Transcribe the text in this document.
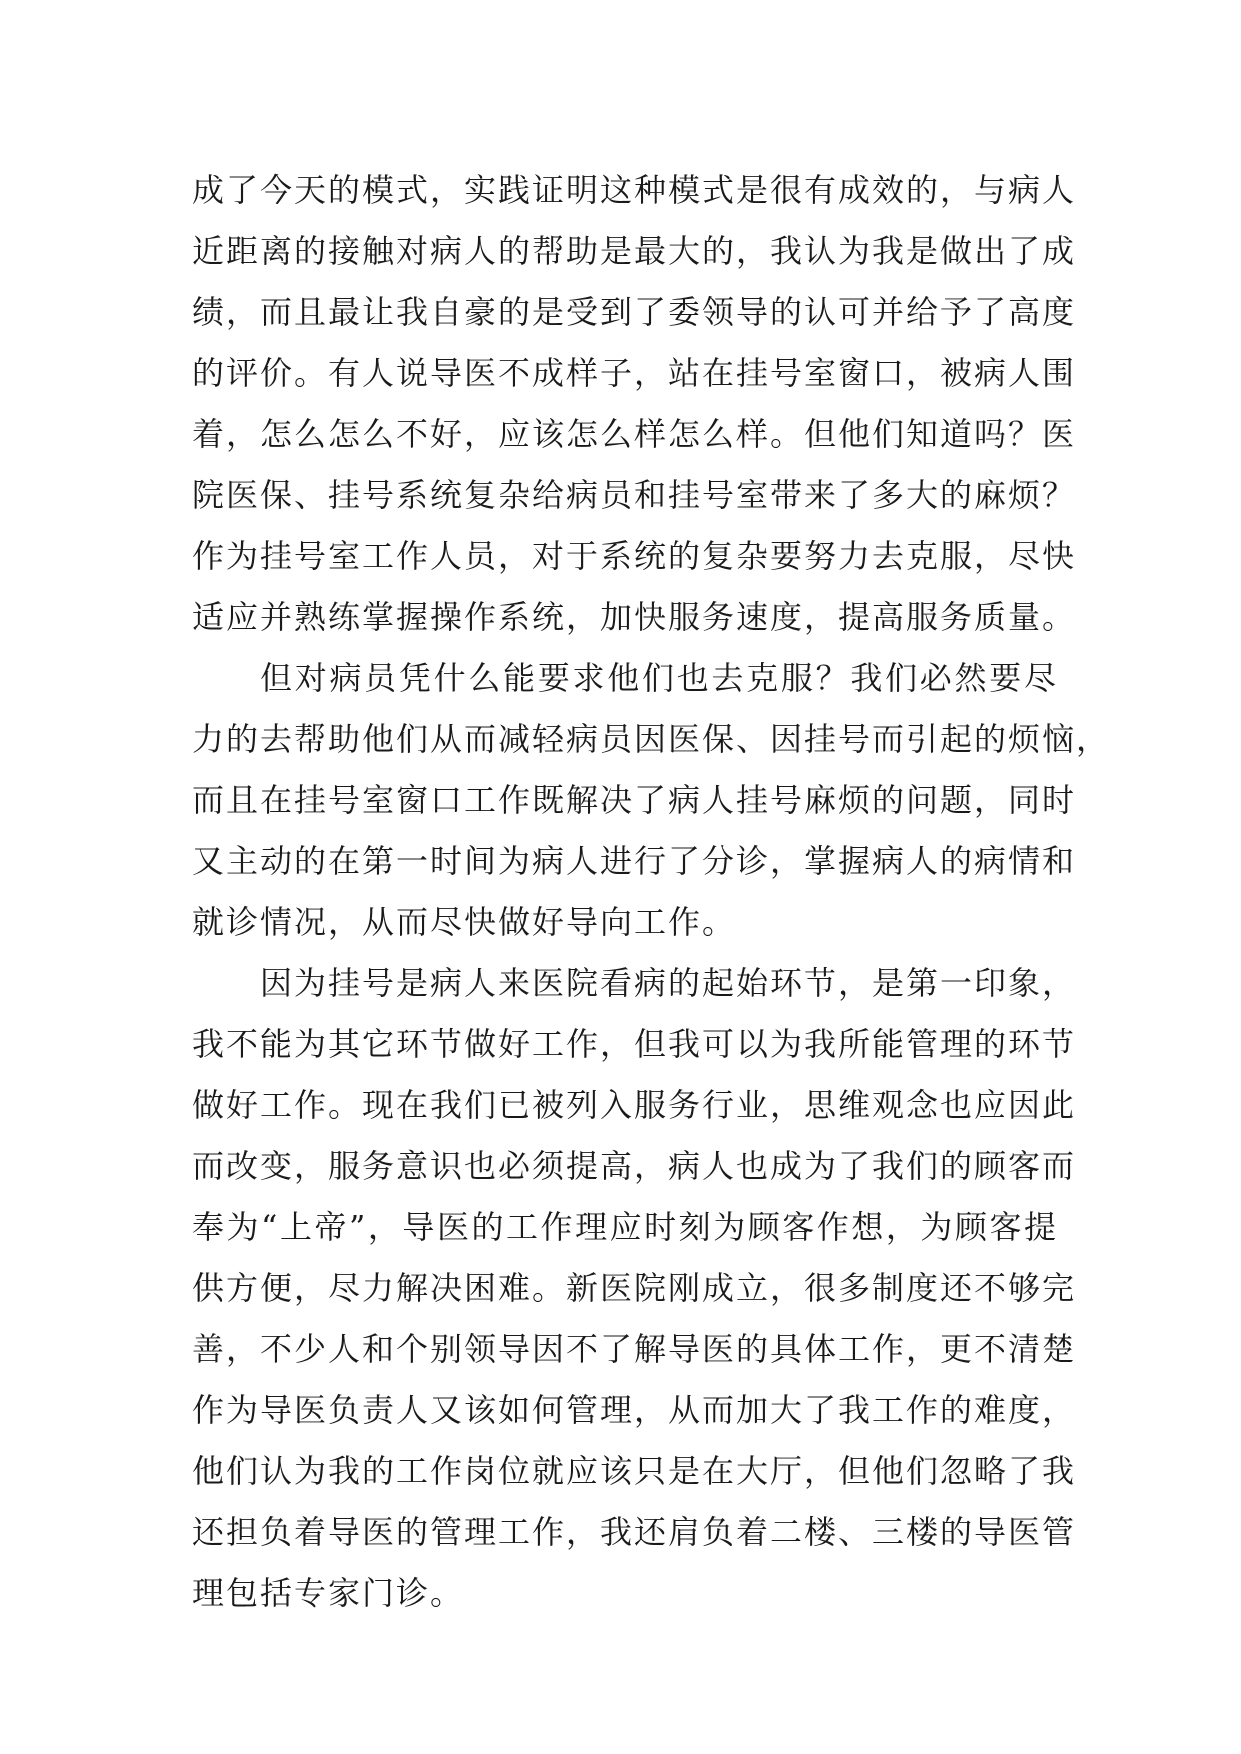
成了今天的模式，实践证明这种模式是很有成效的，与病人
近距离的接触对病人的帮助是最大的，我认为我是做出了成
绩，而且最让我自豪的是受到了委领导的认可并给予了高度
的评价。有人说导医不成样子，站在挂号室窗口，被病人围
着，怎么怎么不好，应该怎么样怎么样。但他们知道吗？医
院医保、挂号系统复杂给病员和挂号室带来了多大的麻烦？
作为挂号室工作人员，对于系统的复杂要努力去克服，尽快
适应并熟练掌握操作系统，加快服务速度，提高服务质量。
但对病员凭什么能要求他们也去克服？我们必然要尽
力的去帮助他们从而减轻病员因医保、因挂号而引起的烦恼，
而且在挂号室窗口工作既解决了病人挂号麻烦的问题，同时
又主动的在第一时间为病人进行了分诊，掌握病人的病情和
就诊情况，从而尽快做好导向工作。
因为挂号是病人来医院看病的起始环节，是第一印象，
我不能为其它环节做好工作，但我可以为我所能管理的环节
做好工作。现在我们已被列入服务行业，思维观念也应因此
而改变，服务意识也必须提高，病人也成为了我们的顾客而
奉为“上帝”，导医的工作理应时刻为顾客作想，为顾客提
供方便，尽力解决困难。新医院刚成立，很多制度还不够完
善，不少人和个别领导因不了解导医的具体工作，更不清楚
作为导医负责人又该如何管理，从而加大了我工作的难度，
他们认为我的工作岗位就应该只是在大厅，但他们忽略了我
还担负着导医的管理工作，我还肩负着二楼、三楼的导医管
理包括专家门诊。
